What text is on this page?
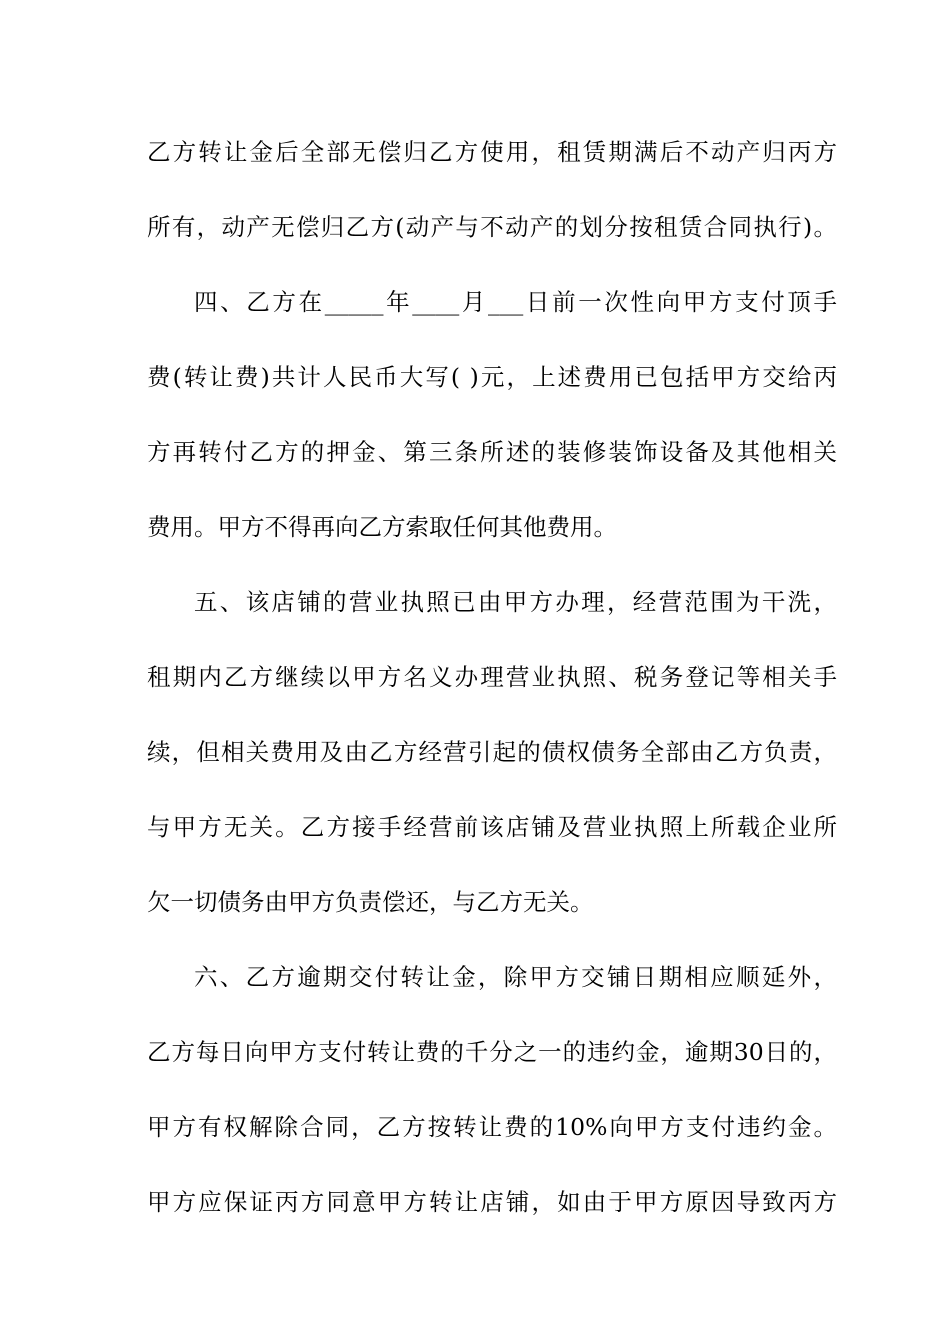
乙方转让金后全部无偿归乙方使用，租赁期满后不动产归丙方
所有，动产无偿归乙方(动产与不动产的划分按租赁合同执行)。
四、乙方在_____年____月___日前一次性向甲方支付顶手
费(转让费)共计人民币大写( )元，上述费用已包括甲方交给丙
方再转付乙方的押金、第三条所述的装修装饰设备及其他相关
费用。甲方不得再向乙方索取任何其他费用。
五、该店铺的营业执照已由甲方办理，经营范围为干洗，
租期内乙方继续以甲方名义办理营业执照、税务登记等相关手
续，但相关费用及由乙方经营引起的债权债务全部由乙方负责，
与甲方无关。乙方接手经营前该店铺及营业执照上所载企业所
欠一切债务由甲方负责偿还，与乙方无关。
六、乙方逾期交付转让金，除甲方交铺日期相应顺延外，
乙方每日向甲方支付转让费的千分之一的违约金，逾期30日的，
甲方有权解除合同，乙方按转让费的10%向甲方支付违约金。
甲方应保证丙方同意甲方转让店铺，如由于甲方原因导致丙方
